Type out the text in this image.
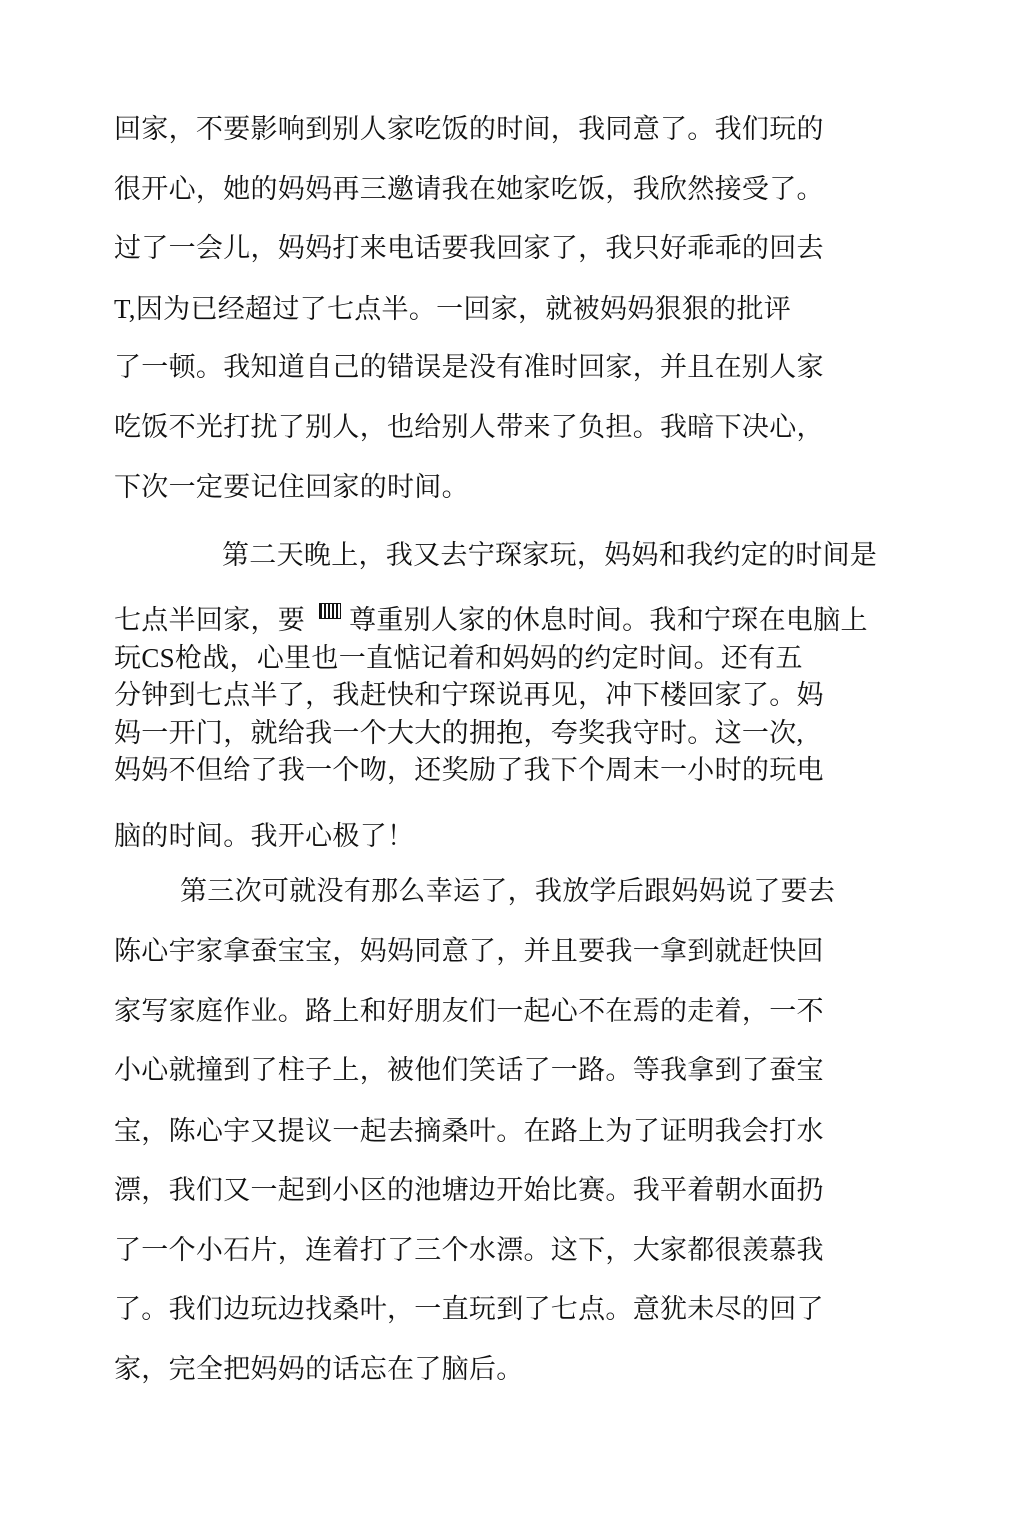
回家，不要影响到别人家吃饭的时间，我同意了。我们玩的

很开心，她的妈妈再三邀请我在她家吃饭，我欣然接受了。

过了一会儿，妈妈打来电话要我回家了，我只好乖乖的回去

T,因为已经超过了七点半。一回家，就被妈妈狠狠的批评

了一顿。我知道自己的错误是没有准时回家，并且在别人家

吃饭不光打扰了别人，也给别人带来了负担。我暗下决心，

下次一定要记住回家的时间。

第二天晚上，我又去宁琛家玩，妈妈和我约定的时间是

七点半回家，要 尊重别人家的休息时间。我和宁琛在电脑上

玩CS枪战，心里也一直惦记着和妈妈的约定时间。还有五

分钟到七点半了，我赶快和宁琛说再见，冲下楼回家了。妈

妈一开门，就给我一个大大的拥抱，夸奖我守时。这一次,

妈妈不但给了我一个吻，还奖励了我下个周末一小时的玩电

脑的时间。我开心极了！

第三次可就没有那么幸运了，我放学后跟妈妈说了要去

陈心宇家拿蚕宝宝，妈妈同意了，并且要我一拿到就赶快回

家写家庭作业。路上和好朋友们一起心不在焉的走着，一不

小心就撞到了柱子上，被他们笑话了一路。等我拿到了蚕宝

宝，陈心宇又提议一起去摘桑叶。在路上为了证明我会打水

漂，我们又一起到小区的池塘边开始比赛。我平着朝水面扔

了一个小石片，连着打了三个水漂。这下，大家都很羡慕我

了。我们边玩边找桑叶，一直玩到了七点。意犹未尽的回了

家，完全把妈妈的话忘在了脑后。
